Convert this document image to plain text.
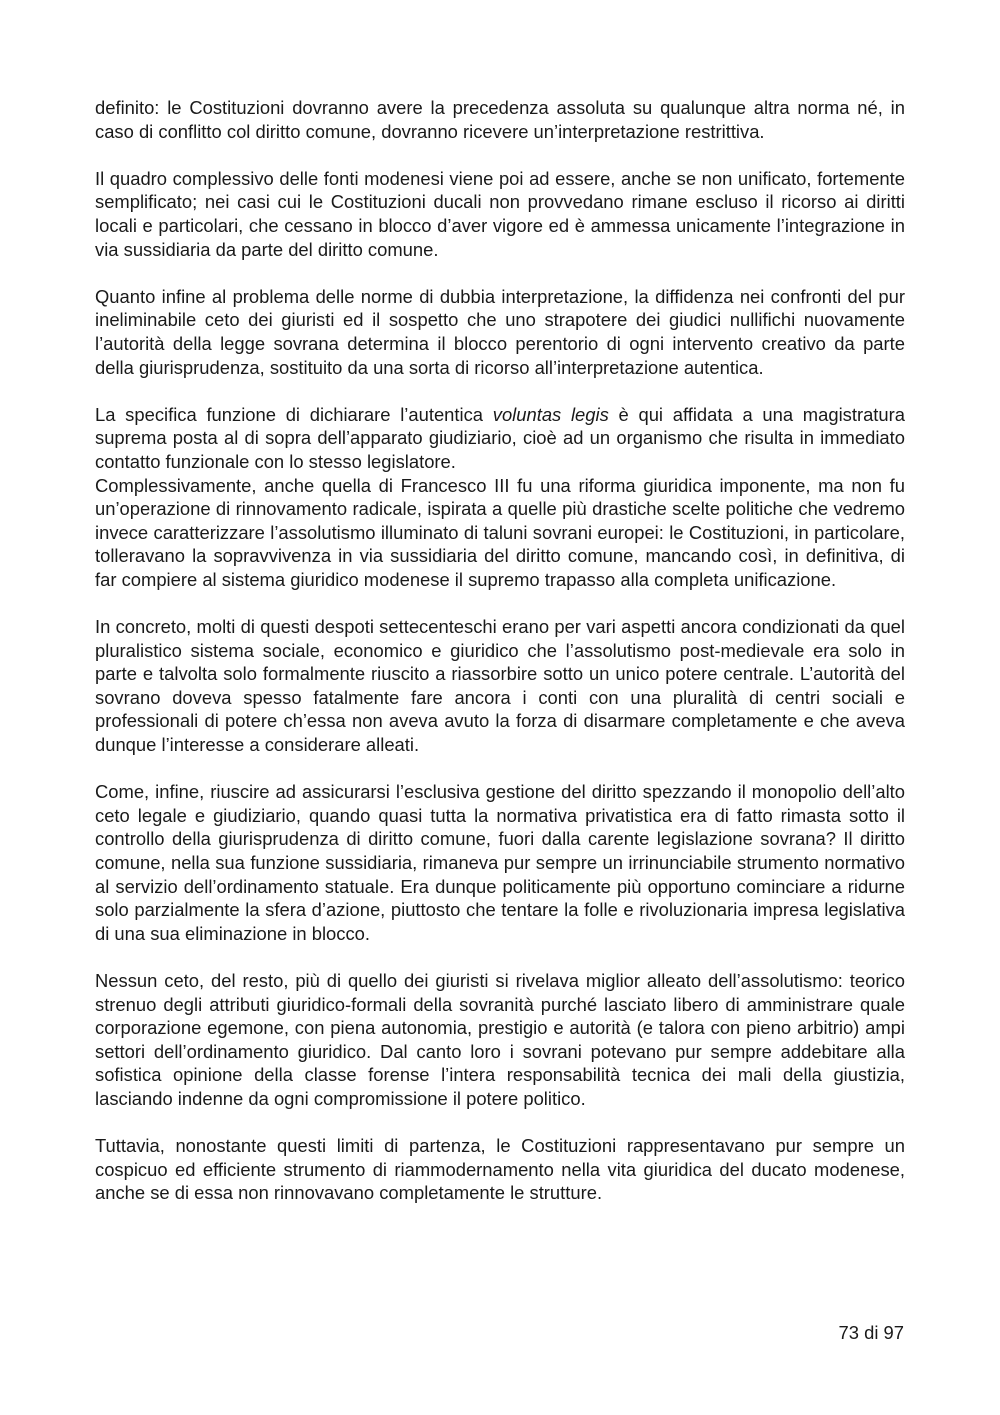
definito: le Costituzioni dovranno avere la precedenza assoluta su qualunque altra norma né, in caso di conflitto col diritto comune, dovranno ricevere un’interpretazione restrittiva.

Il quadro complessivo delle fonti modenesi viene poi ad essere, anche se non unificato, fortemente semplificato; nei casi cui le Costituzioni ducali non provvedano rimane escluso il ricorso ai diritti locali e particolari, che cessano in blocco d’aver vigore ed è ammessa unicamente l’integrazione in via sussidiaria da parte del diritto comune.

Quanto infine al problema delle norme di dubbia interpretazione, la diffidenza nei confronti del pur ineliminabile ceto dei giuristi ed il sospetto che uno strapotere dei giudici nullifichi nuovamente l’autorità della legge sovrana determina il blocco perentorio di ogni intervento creativo da parte della giurisprudenza, sostituito da una sorta di ricorso all’interpretazione autentica.

La specifica funzione di dichiarare l’autentica voluntas legis è qui affidata a una magistratura suprema posta al di sopra dell’apparato giudiziario, cioè ad un organismo che risulta in immediato contatto funzionale con lo stesso legislatore.

Complessivamente, anche quella di Francesco III fu una riforma giuridica imponente, ma non fu un’operazione di rinnovamento radicale, ispirata a quelle più drastiche scelte politiche che vedremo invece caratterizzare l’assolutismo illuminato di taluni sovrani europei: le Costituzioni, in particolare, tolleravano la sopravvivenza in via sussidiaria del diritto comune, mancando così, in definitiva, di far compiere al sistema giuridico modenese il supremo trapasso alla completa unificazione.

In concreto, molti di questi despoti settecenteschi erano per vari aspetti ancora condizionati da quel pluralistico sistema sociale, economico e giuridico che l’assolutismo post-medievale era solo in parte e talvolta solo formalmente riuscito a riassorbire sotto un unico potere centrale. L’autorità del sovrano doveva spesso fatalmente fare ancora i conti con una pluralità di centri sociali e professionali di potere ch’essa non aveva avuto la forza di disarmare completamente e che aveva dunque l’interesse a considerare alleati.

Come, infine, riuscire ad assicurarsi l’esclusiva gestione del diritto spezzando il monopolio dell’alto ceto legale e giudiziario, quando quasi tutta la normativa privatistica era di fatto rimasta sotto il controllo della giurisprudenza di diritto comune, fuori dalla carente legislazione sovrana? Il diritto comune, nella sua funzione sussidiaria, rimaneva pur sempre un irrinunciabile strumento normativo al servizio dell’ordinamento statuale. Era dunque politicamente più opportuno cominciare a ridurne solo parzialmente la sfera d’azione, piuttosto che tentare la folle e rivoluzionaria impresa legislativa di una sua eliminazione in blocco.

Nessun ceto, del resto, più di quello dei giuristi si rivelava miglior alleato dell’assolutismo: teorico strenuo degli attributi giuridico-formali della sovranità purché lasciato libero di amministrare quale corporazione egemone, con piena autonomia, prestigio e autorità (e talora con pieno arbitrio) ampi settori dell’ordinamento giuridico. Dal canto loro i sovrani potevano pur sempre addebitare alla sofistica opinione della classe forense l’intera responsabilità tecnica dei mali della giustizia, lasciando indenne da ogni compromissione il potere politico.

Tuttavia, nonostante questi limiti di partenza, le Costituzioni rappresentavano pur sempre un cospicuo ed efficiente strumento di riammodernamento nella vita giuridica del ducato modenese, anche se di essa non rinnovavano completamente le strutture.

73 di 97
